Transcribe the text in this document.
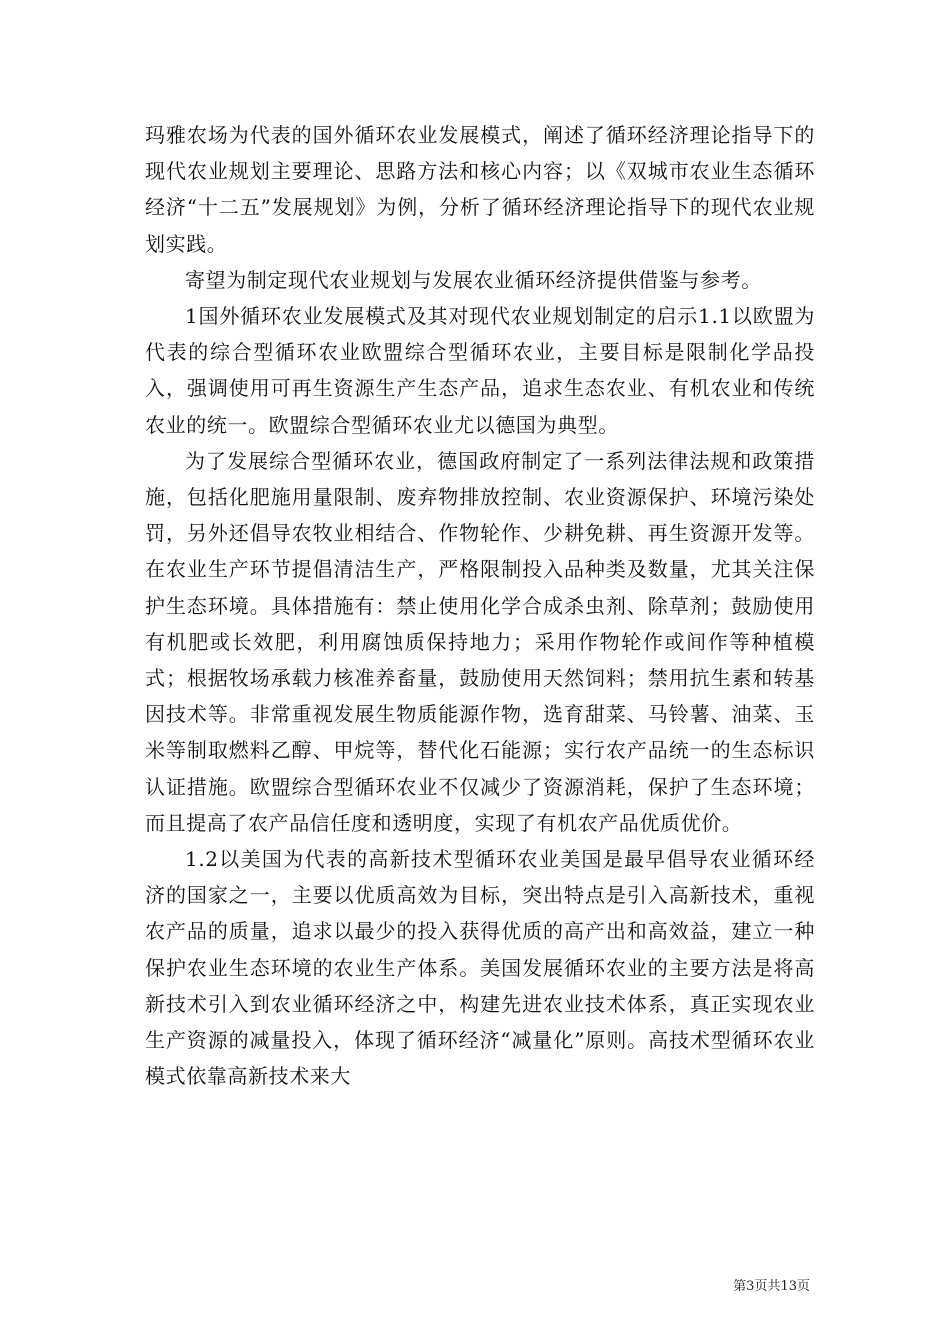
玛雅农场为代表的国外循环农业发展模式，阐述了循环经济理论指导下的现代农业规划主要理论、思路方法和核心内容；以《双城市农业生态循环经济“十二五”发展规划》为例，分析了循环经济理论指导下的现代农业规划实践。

寄望为制定现代农业规划与发展农业循环经济提供借鉴与参考。

1国外循环农业发展模式及其对现代农业规划制定的启示1.1以欧盟为代表的综合型循环农业欧盟综合型循环农业，主要目标是限制化学品投入，强调使用可再生资源生产生态产品，追求生态农业、有机农业和传统农业的统一。欧盟综合型循环农业尤以德国为典型。

为了发展综合型循环农业，德国政府制定了一系列法律法规和政策措施，包括化肥施用量限制、废弃物排放控制、农业资源保护、环境污染处罚，另外还倡导农牧业相结合、作物轮作、少耕免耕、再生资源开发等。在农业生产环节提倡清洁生产，严格限制投入品种类及数量，尤其关注保护生态环境。具体措施有：禁止使用化学合成杀虫剂、除草剂；鼓励使用有机肥或长效肥，利用腐蚀质保持地力；采用作物轮作或间作等种植模式；根据牧场承载力核准养畜量，鼓励使用天然饲料；禁用抗生素和转基因技术等。非常重视发展生物质能源作物，选育甜菜、马铃薯、油菜、玉米等制取燃料乙醇、甲烷等，替代化石能源；实行农产品统一的生态标识认证措施。欧盟综合型循环农业不仅减少了资源消耗，保护了生态环境；而且提高了农产品信任度和透明度，实现了有机农产品优质优价。

1.2以美国为代表的高新技术型循环农业美国是最早倡导农业循环经济的国家之一，主要以优质高效为目标，突出特点是引入高新技术，重视农产品的质量，追求以最少的投入获得优质的高产出和高效益，建立一种保护农业生态环境的农业生产体系。美国发展循环农业的主要方法是将高新技术引入到农业循环经济之中，构建先进农业技术体系，真正实现农业生产资源的减量投入，体现了循环经济“减量化”原则。高技术型循环农业模式依靠高新技术来大

第3页共13页
